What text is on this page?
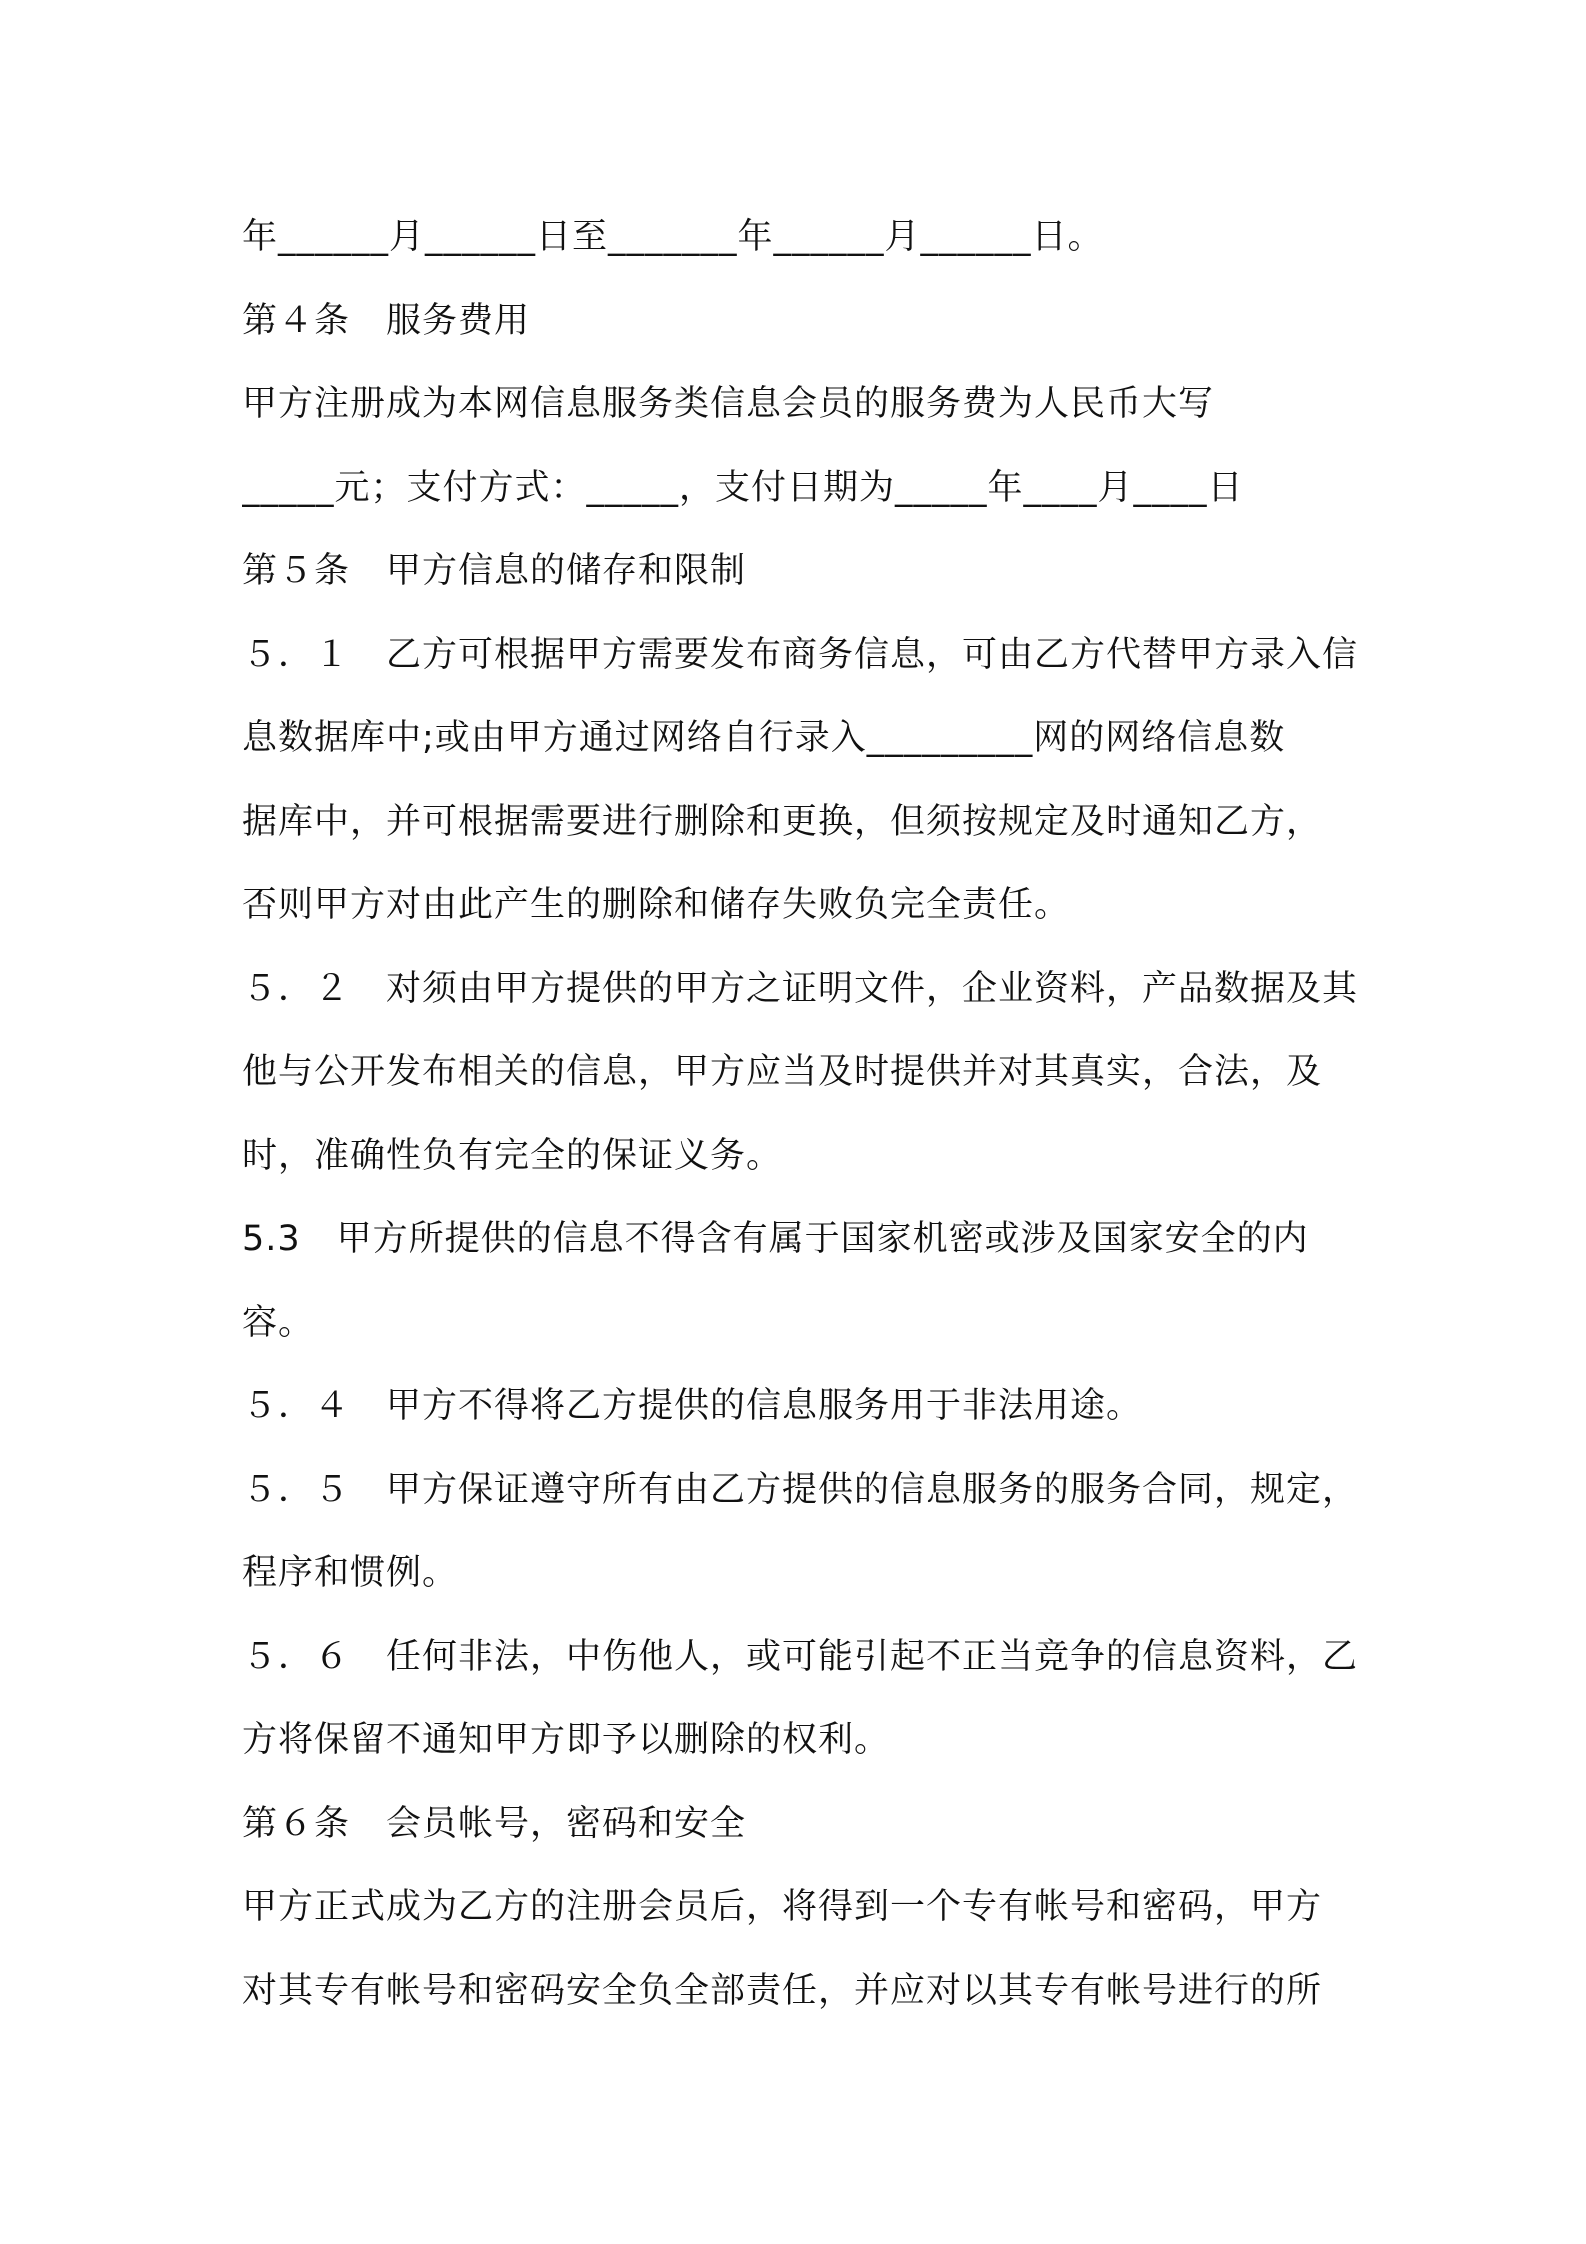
年______月______日至_______年______月______日。
第４条　服务费用
甲方注册成为本网信息服务类信息会员的服务费为人民币大写
_____元；支付方式：_____，支付日期为_____年____月____日
第５条　甲方信息的储存和限制
５．１　乙方可根据甲方需要发布商务信息，可由乙方代替甲方录入信
息数据库中;或由甲方通过网络自行录入_________网的网络信息数
据库中，并可根据需要进行删除和更换，但须按规定及时通知乙方，
否则甲方对由此产生的删除和储存失败负完全责任。
５．２　对须由甲方提供的甲方之证明文件，企业资料，产品数据及其
他与公开发布相关的信息，甲方应当及时提供并对其真实，合法，及
时，准确性负有完全的保证义务。
5.3　甲方所提供的信息不得含有属于国家机密或涉及国家安全的内
容。
５．４　甲方不得将乙方提供的信息服务用于非法用途。
５．５　甲方保证遵守所有由乙方提供的信息服务的服务合同，规定，
程序和惯例。
５．６　任何非法，中伤他人，或可能引起不正当竞争的信息资料，乙
方将保留不通知甲方即予以删除的权利。
第６条　会员帐号，密码和安全
甲方正式成为乙方的注册会员后，将得到一个专有帐号和密码，甲方
对其专有帐号和密码安全负全部责任，并应对以其专有帐号进行的所
